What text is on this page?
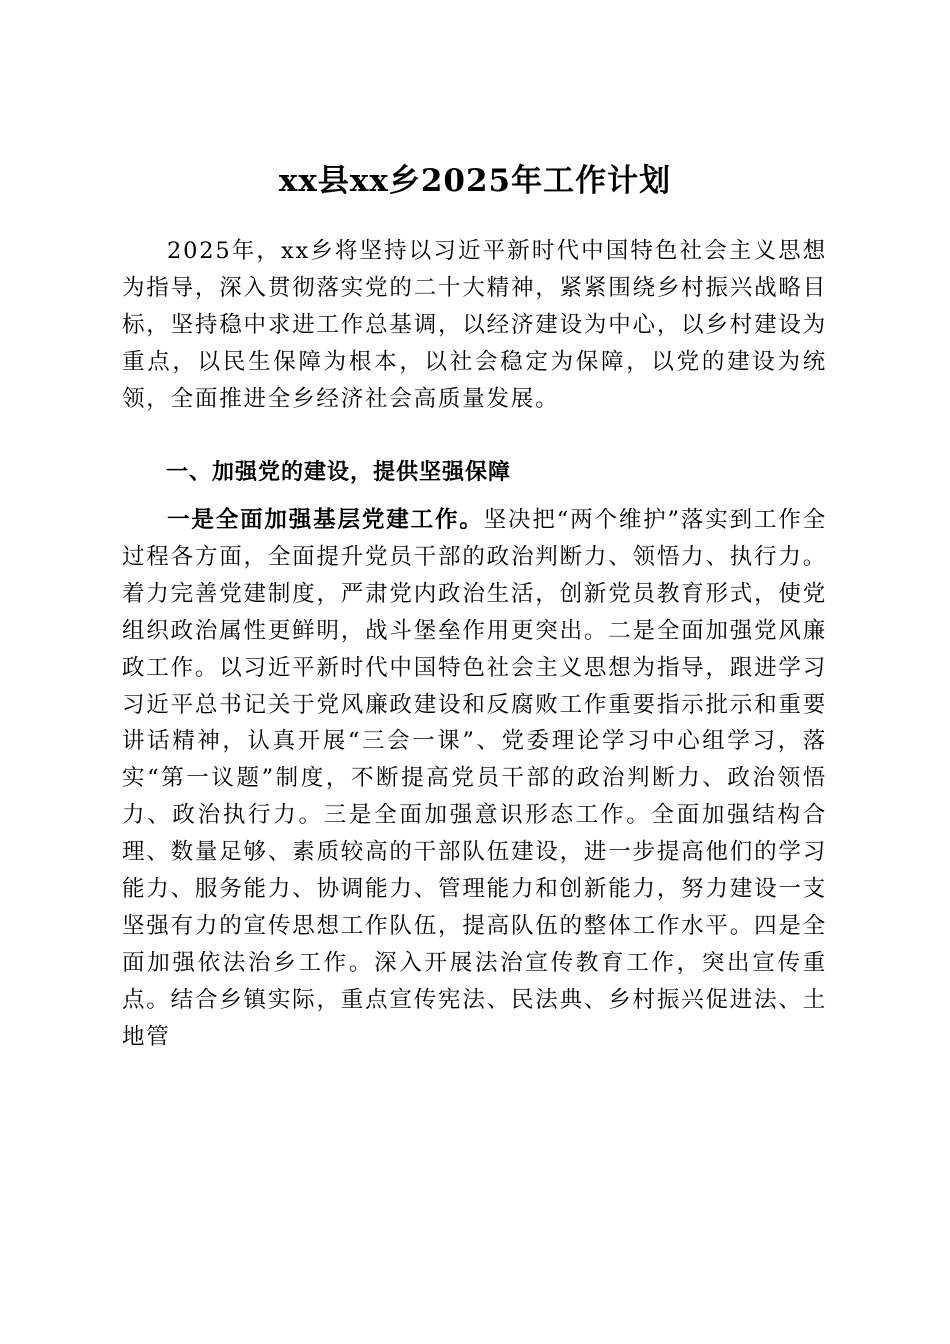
xx县xx乡2025年工作计划

2025年，xx乡将坚持以习近平新时代中国特色社会主义思想为指导，深入贯彻落实党的二十大精神，紧紧围绕乡村振兴战略目标，坚持稳中求进工作总基调，以经济建设为中心，以乡村建设为重点，以民生保障为根本，以社会稳定为保障，以党的建设为统领，全面推进全乡经济社会高质量发展。

一、加强党的建设，提供坚强保障

一是全面加强基层党建工作。坚决把“两个维护”落实到工作全过程各方面，全面提升党员干部的政治判断力、领悟力、执行力。着力完善党建制度，严肃党内政治生活，创新党员教育形式，使党组织政治属性更鲜明，战斗堡垒作用更突出。二是全面加强党风廉政工作。以习近平新时代中国特色社会主义思想为指导，跟进学习习近平总书记关于党风廉政建设和反腐败工作重要指示批示和重要讲话精神，认真开展“三会一课”、党委理论学习中心组学习，落实“第一议题”制度，不断提高党员干部的政治判断力、政治领悟力、政治执行力。三是全面加强意识形态工作。全面加强结构合理、数量足够、素质较高的干部队伍建设，进一步提高他们的学习能力、服务能力、协调能力、管理能力和创新能力，努力建设一支坚强有力的宣传思想工作队伍，提高队伍的整体工作水平。四是全面加强依法治乡工作。深入开展法治宣传教育工作，突出宣传重点。结合乡镇实际，重点宣传宪法、民法典、乡村振兴促进法、土地管
